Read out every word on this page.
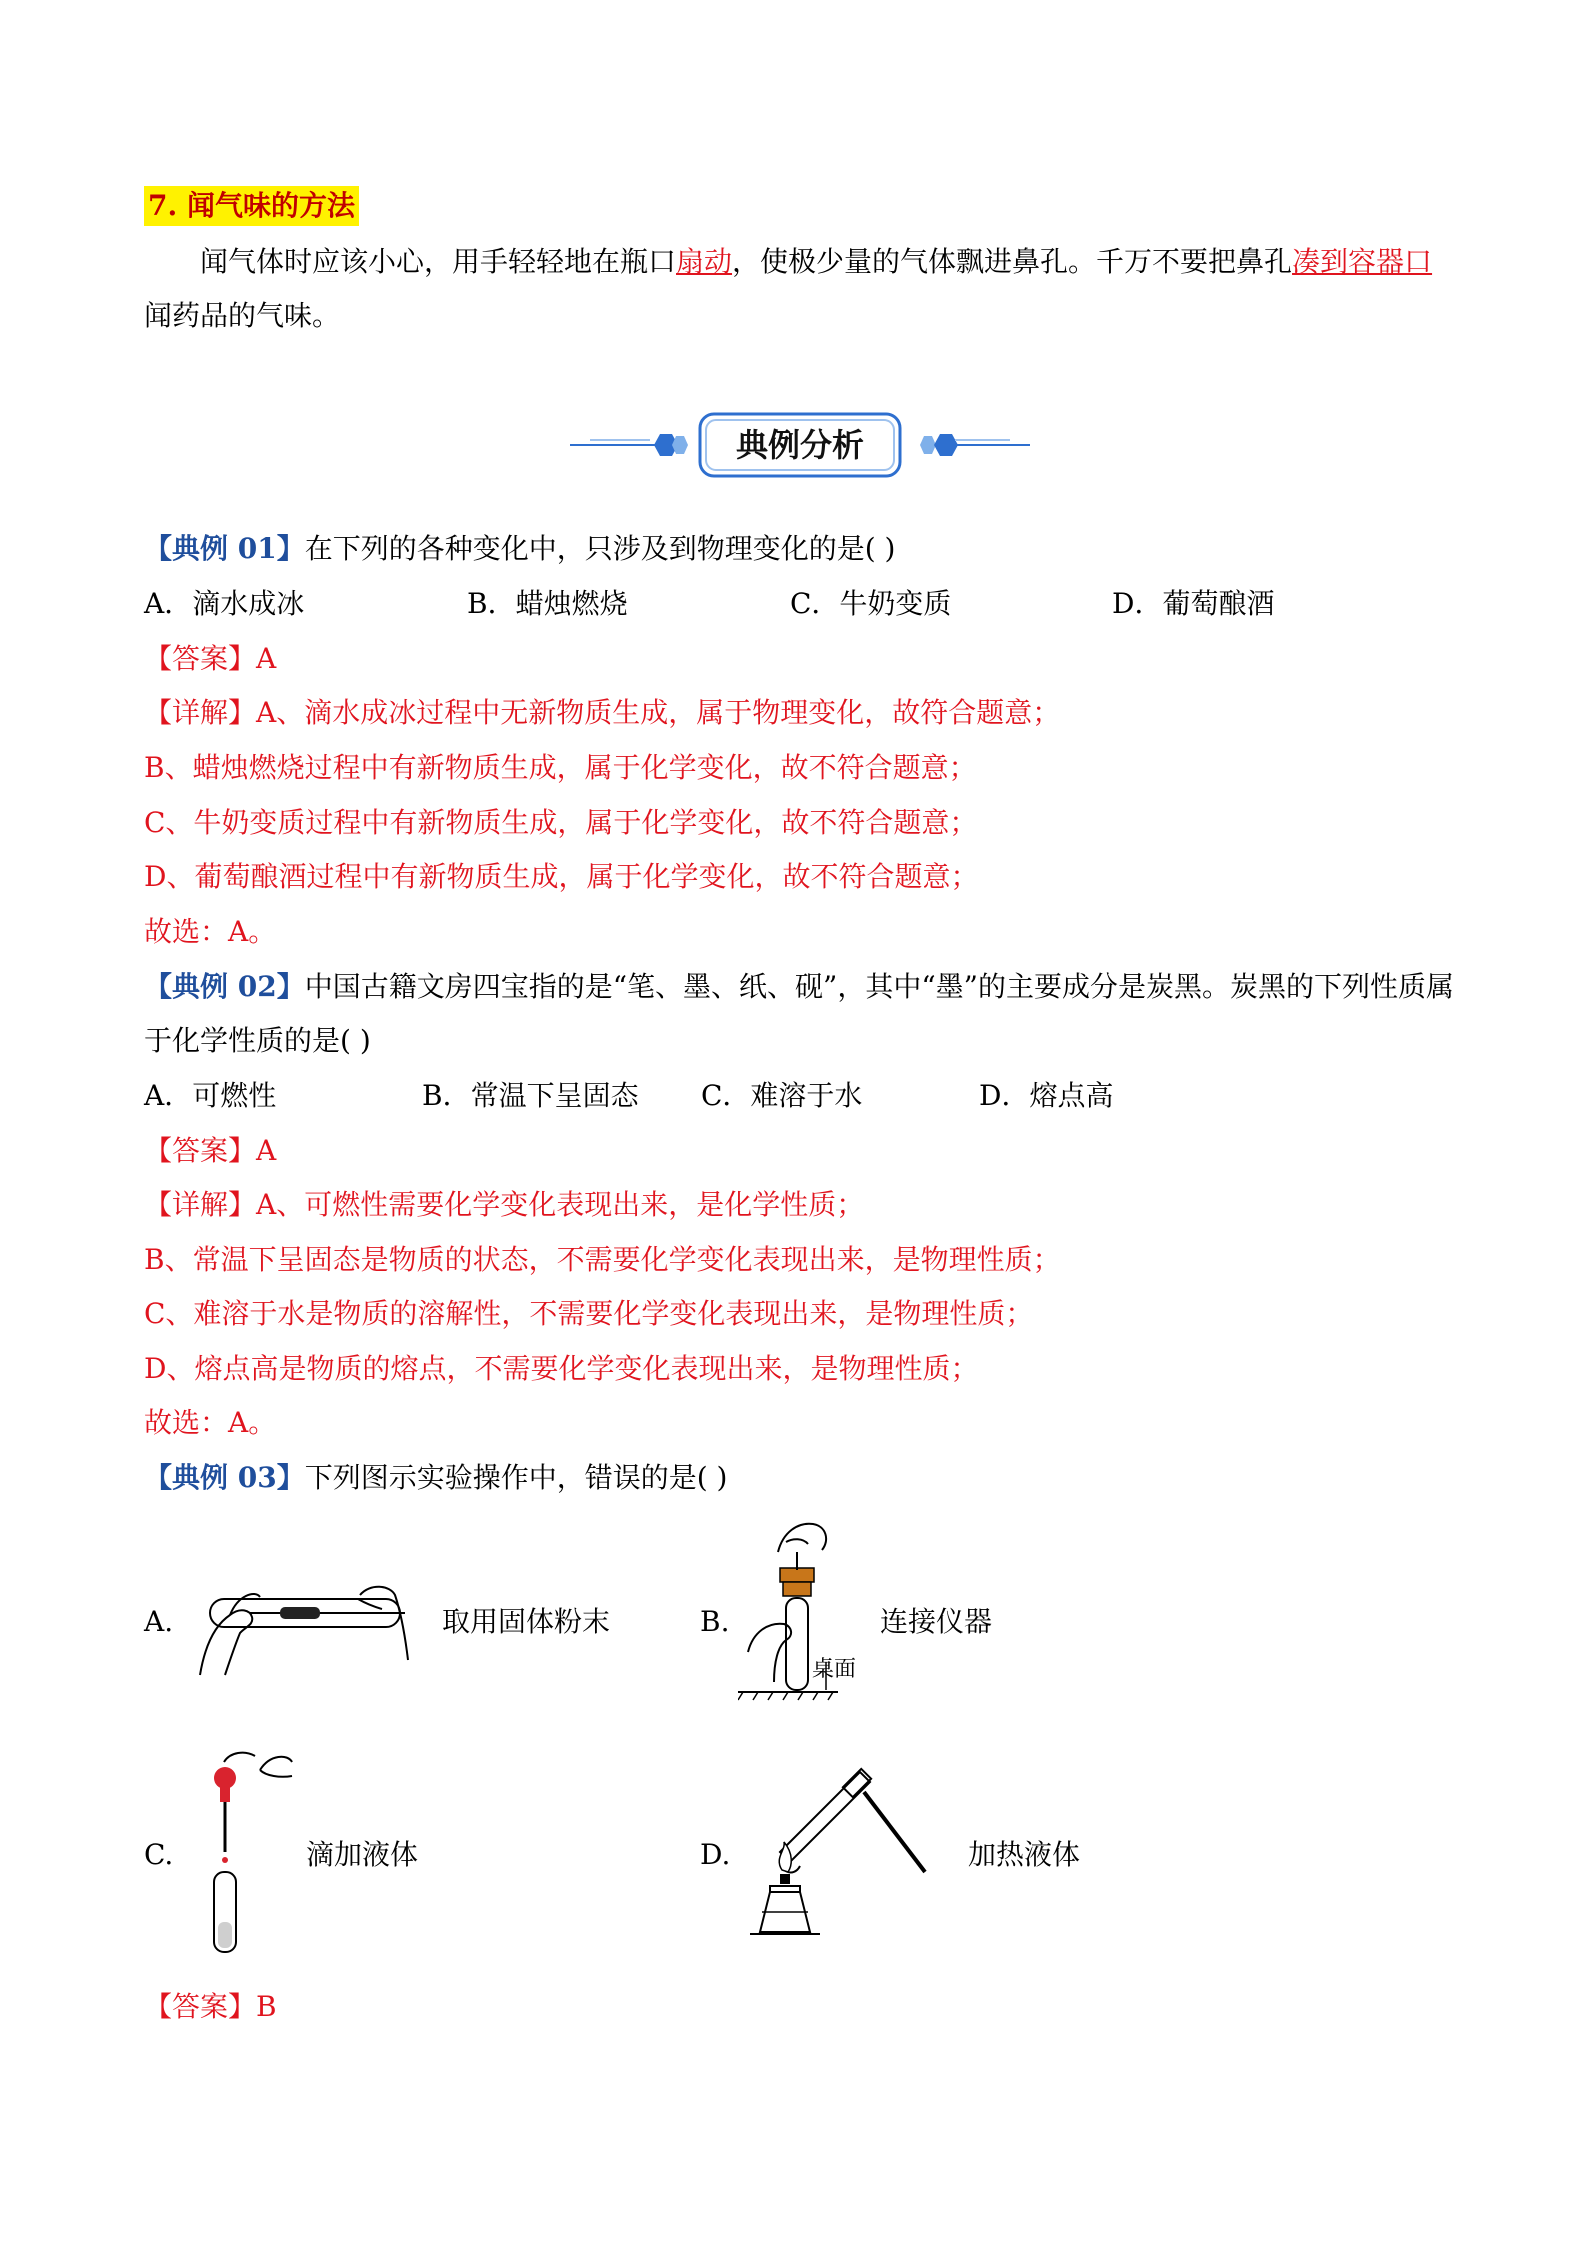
7. 闻气味的方法
闻气体时应该小心，用手轻轻地在瓶口扇动，使极少量的气体飘进鼻孔。千万不要把鼻孔凑到容器口
闻药品的气味。
典例分析
【典例 01】在下列的各种变化中，只涉及到物理变化的是( )
A．滴水成冰	B．蜡烛燃烧	C．牛奶变质	D．葡萄酿酒
【答案】A
【详解】A、滴水成冰过程中无新物质生成，属于物理变化，故符合题意；
B、蜡烛燃烧过程中有新物质生成，属于化学变化，故不符合题意；
C、牛奶变质过程中有新物质生成，属于化学变化，故不符合题意；
D、葡萄酿酒过程中有新物质生成，属于化学变化，故不符合题意；
故选：A。
【典例 02】中国古籍文房四宝指的是“笔、墨、纸、砚”，其中“墨”的主要成分是炭黑。炭黑的下列性质属
于化学性质的是( )
A．可燃性	B．常温下呈固态 C．难溶于水	D．熔点高
【答案】A
【详解】A、可燃性需要化学变化表现出来，是化学性质；
B、常温下呈固态是物质的状态，不需要化学变化表现出来，是物理性质；
C、难溶于水是物质的溶解性，不需要化学变化表现出来，是物理性质；
D、熔点高是物质的熔点，不需要化学变化表现出来，是物理性质；
故选：A。
【典例 03】下列图示实验操作中，错误的是( )
A.	取用固体粉末	B.
桌面
连接仪器
C.	滴加液体	D.	加热液体
【答案】B
